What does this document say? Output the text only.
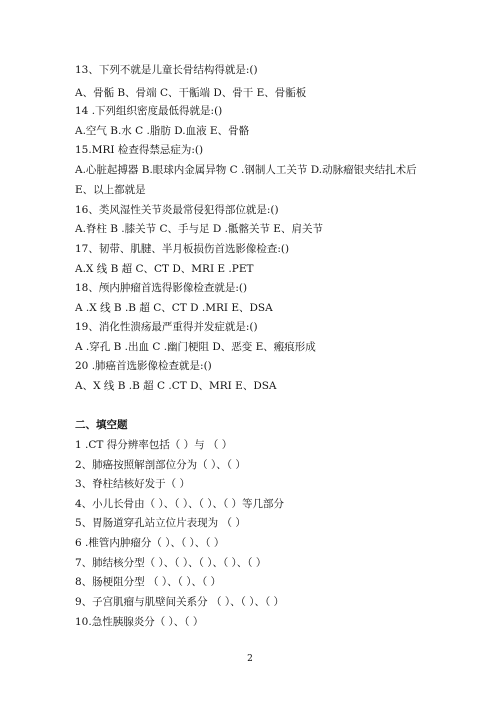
13、下列不就是儿童长骨结构得就是:()
A、骨骺 B、骨端 C、干骺端 D、骨干 E、骨骺板
14 .下列组织密度最低得就是:()
A.空气 B.水 C .脂肪 D.血液 E、骨骼
15.MRI 检查得禁忌症为:()
A.心脏起搏器 B.眼球内金属异物 C .钢制人工关节 D.动脉瘤银夹结扎术后
E、以上都就是
16、类风湿性关节炎最常侵犯得部位就是:()
A.脊柱 B .膝关节 C、手与足 D .骶髂关节 E、肩关节
17、韧带、肌腱、半月板损伤首选影像检查:()
A.X 线 B 超 C、CT D、MRI E .PET
18、颅内肿瘤首选得影像检查就是:()
A .X 线 B .B 超 C、CT D .MRI E、DSA
19、消化性溃疡最严重得并发症就是:()
A .穿孔 B .出血 C .幽门梗阻 D、恶变 E、瘢痕形成
20 .肺癌首选影像检查就是:()
A、X 线 B .B 超 C .CT D、MRI E、DSA
二、填空题
1 .CT 得分辨率包括（ ）与 （ ）
2、肺癌按照解剖部位分为（ ）、（ ）
3、脊柱结核好发于（ ）
4、小儿长骨由（ ）、（ ）、（ ）、（ ）等几部分
5、胃肠道穿孔站立位片表现为 （ ）
6 .椎管内肿瘤分（ ）、（ ）、（ ）
7、肺结核分型（ ）、（ ）、（ ）、（ ）、（ ）
8、肠梗阻分型 （ ）、（ ）、（ ）
9、子宫肌瘤与肌壁间关系分 （ ）、（ ）、（ ）
10.急性胰腺炎分（ ）、（ ）
2
